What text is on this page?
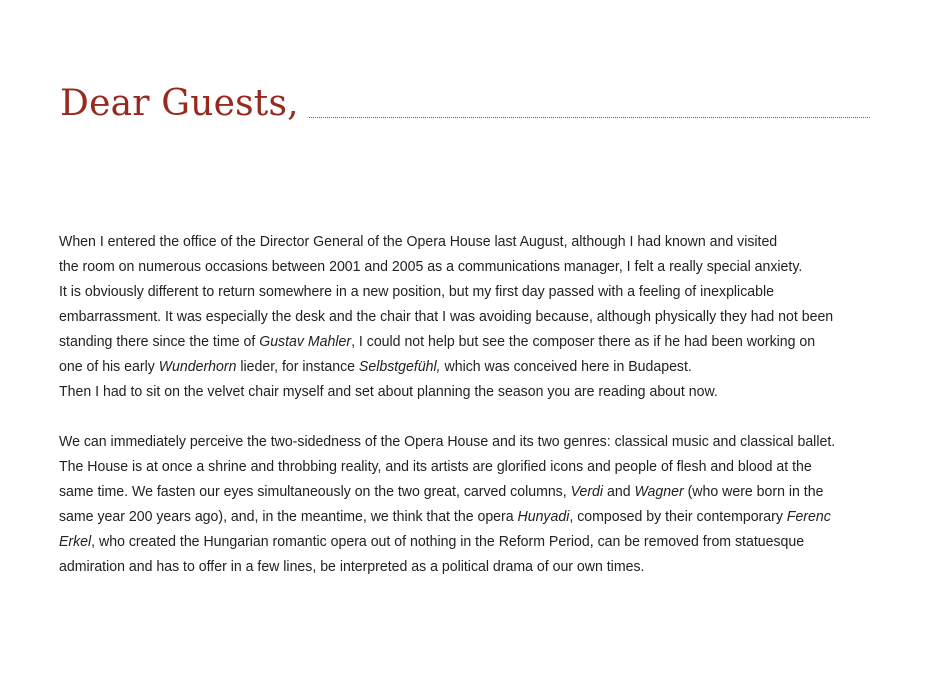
Dear Guests,
When I entered the office of the Director General of the Opera House last August, although I had known and visited
the room on numerous occasions between 2001 and 2005 as a communications manager, I felt a really special anxiety.
It is obviously different to return somewhere in a new position, but my first day passed with a feeling of inexplicable
embarrassment. It was especially the desk and the chair that I was avoiding because, although physically they had not been
standing there since the time of Gustav Mahler, I could not help but see the composer there as if he had been working on
one of his early Wunderhorn lieder, for instance Selbstgefühl, which was conceived here in Budapest.
Then I had to sit on the velvet chair myself and set about planning the season you are reading about now.
We can immediately perceive the two-sidedness of the Opera House and its two genres: classical music and classical ballet.
The House is at once a shrine and throbbing reality, and its artists are glorified icons and people of flesh and blood at the
same time. We fasten our eyes simultaneously on the two great, carved columns, Verdi and Wagner (who were born in the
same year 200 years ago), and, in the meantime, we think that the opera Hunyadi, composed by their contemporary Ferenc
Erkel, who created the Hungarian romantic opera out of nothing in the Reform Period, can be removed from statuesque
admiration and has to offer in a few lines, be interpreted as a political drama of our own times.
